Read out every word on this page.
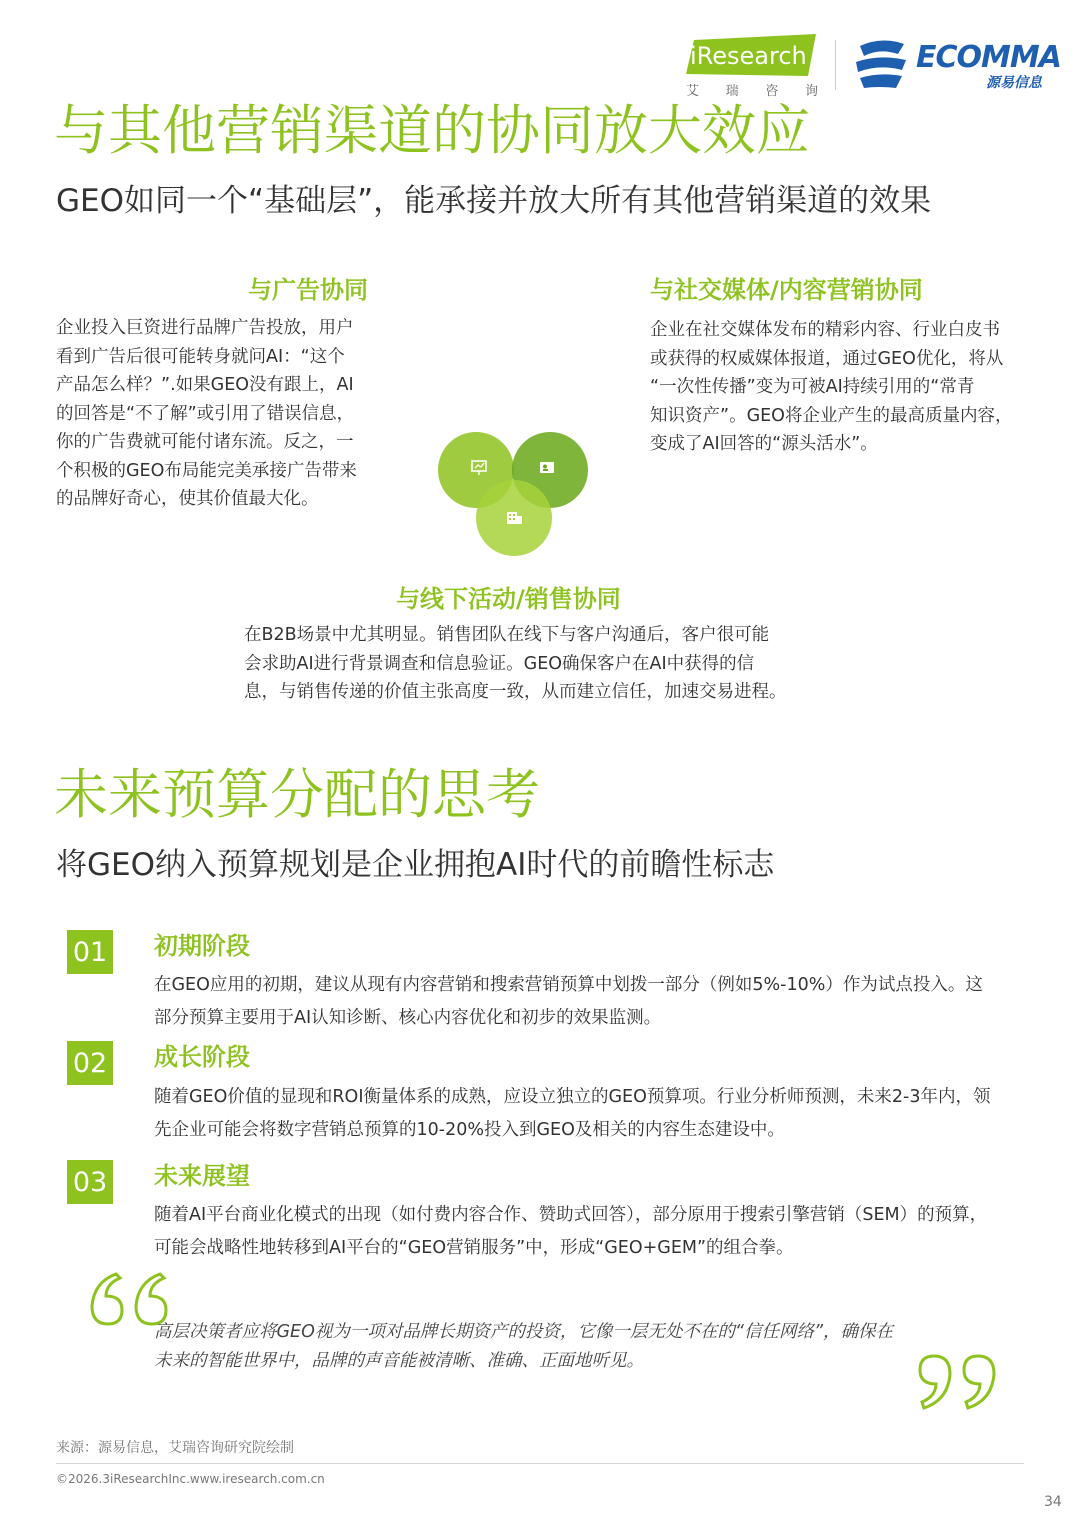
iResearch
艾 瑞 咨 询
ECOMMA
源易信息
与其他营销渠道的协同放大效应
GEO如同一个“基础层”，能承接并放大所有其他营销渠道的效果
与广告协同
企业投入巨资进行品牌广告投放，用户
看到广告后很可能转身就问AI：“这个
产品怎么样？”.如果GEO没有跟上，AI
的回答是“不了解”或引用了错误信息，
你的广告费就可能付诸东流。反之，一
个积极的GEO布局能完美承接广告带来
的品牌好奇心，使其价值最大化。
与社交媒体/内容营销协同
企业在社交媒体发布的精彩内容、行业白皮书
或获得的权威媒体报道，通过GEO优化，将从
“一次性传播”变为可被AI持续引用的“常青
知识资产”。GEO将企业产生的最高质量内容，
变成了AI回答的“源头活水”。
与线下活动/销售协同
在B2B场景中尤其明显。销售团队在线下与客户沟通后，客户很可能
会求助AI进行背景调查和信息验证。GEO确保客户在AI中获得的信
息，与销售传递的价值主张高度一致，从而建立信任，加速交易进程。
未来预算分配的思考
将GEO纳入预算规划是企业拥抱AI时代的前瞻性标志
01 初期阶段
在GEO应用的初期，建议从现有内容营销和搜索营销预算中划拨一部分（例如5%-10%）作为试点投入。这
部分预算主要用于AI认知诊断、核心内容优化和初步的效果监测。
02 成长阶段
随着GEO价值的显现和ROI衡量体系的成熟，应设立独立的GEO预算项。行业分析师预测，未来2-3年内，领
先企业可能会将数字营销总预算的10-20%投入到GEO及相关的内容生态建设中。
03 未来展望
随着AI平台商业化模式的出现（如付费内容合作、赞助式回答），部分原用于搜索引擎营销（SEM）的预算，
可能会战略性地转移到AI平台的“GEO营销服务”中，形成“GEO+GEM”的组合拳。
高层决策者应将GEO视为一项对品牌长期资产的投资，它像一层无处不在的“信任网络”，确保在
未来的智能世界中，品牌的声音能被清晰、准确、正面地听见。
来源：源易信息，艾瑞咨询研究院绘制
©2026.3iResearchInc.www.iresearch.com.cn
34
